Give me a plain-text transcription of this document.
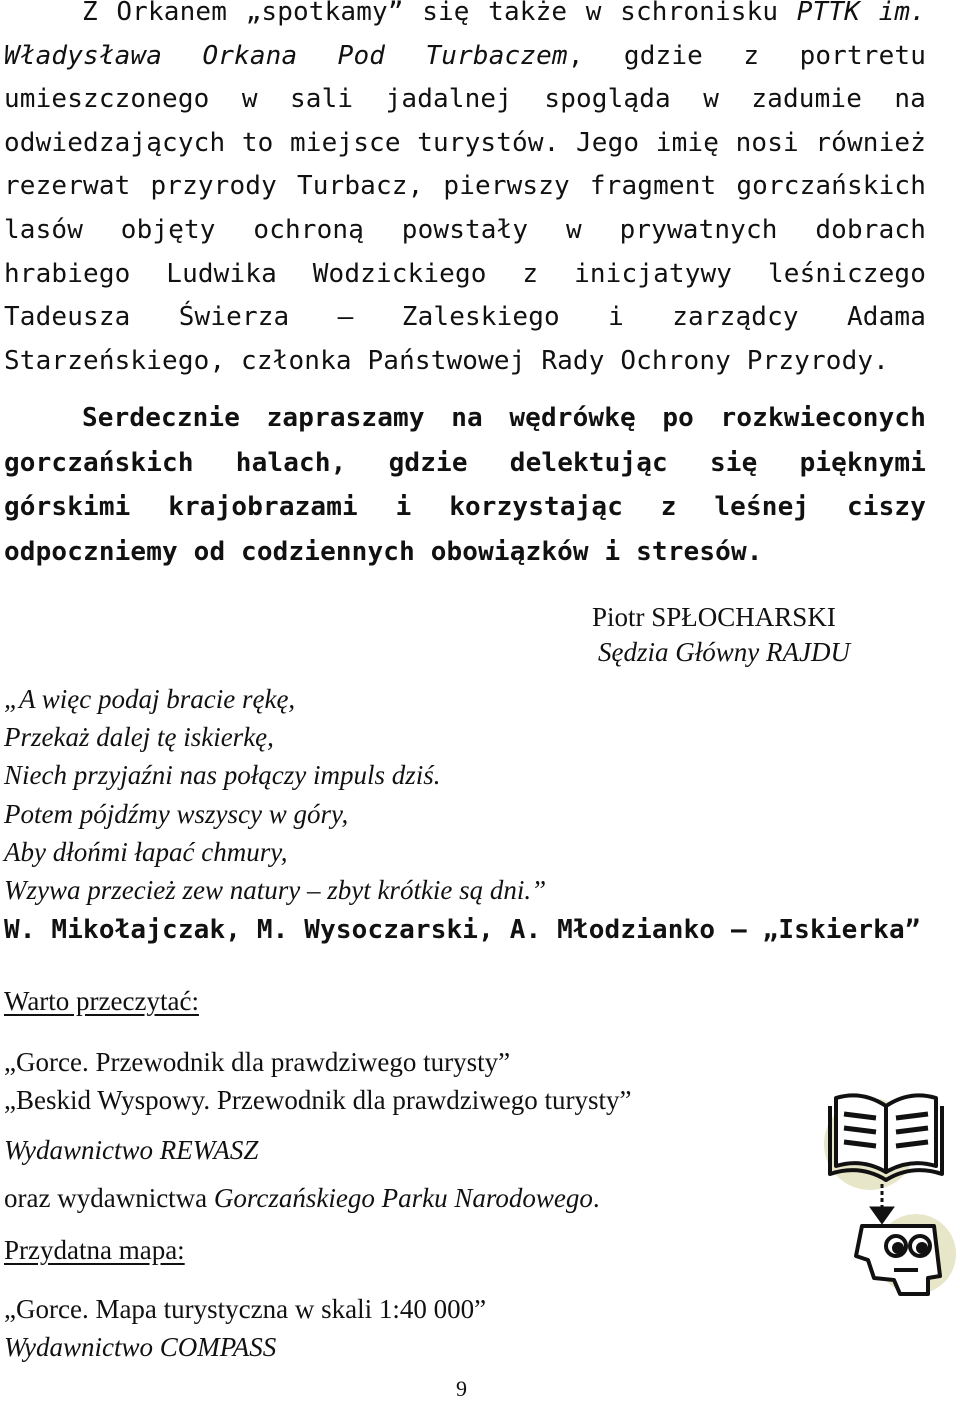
Z Orkanem „spotkamy” się także w schronisku PTTK im. Władysława Orkana Pod Turbaczem, gdzie z portretu umieszczonego w sali jadalnej spogląda w zadumie na odwiedzających to miejsce turystów. Jego imię nosi również rezerwat przyrody Turbacz, pierwszy fragment gorczańskich lasów objęty ochroną powstały w prywatnych dobrach hrabiego Ludwika Wodzickiego z inicjatywy leśniczego Tadeusza Świerza – Zaleskiego i zarządcy Adama Starzeńskiego, członka Państwowej Rady Ochrony Przyrody.

Serdecznie zapraszamy na wędrówkę po rozkwieconych gorczańskich halach, gdzie delektując się pięknymi górskimi krajobrazami i korzystając z leśnej ciszy odpoczniemy od codziennych obowiązków i stresów.

Piotr SPŁOCHARSKI
Sędzia Główny RAJDU
„A więc podaj bracie rękę,
Przekaż dalej tę iskierkę,
Niech przyjaźni nas połączy impuls dziś.
Potem pójdźmy wszyscy w góry,
Aby dłońmi łapać chmury,
Wzywa przecież zew natury – zbyt krótkie są dni.”
W. Mikołajczak, M. Wysoczarski, A. Młodzianko – „Iskierka”
Warto przeczytać:
„Gorce. Przewodnik dla prawdziwego turysty”
„Beskid Wyspowy. Przewodnik dla prawdziwego turysty”
Wydawnictwo REWASZ
oraz wydawnictwa Gorczańskiego Parku Narodowego.
Przydatna mapa:
„Gorce. Mapa turystyczna w skali 1:40 000”
Wydawnictwo COMPASS
9
